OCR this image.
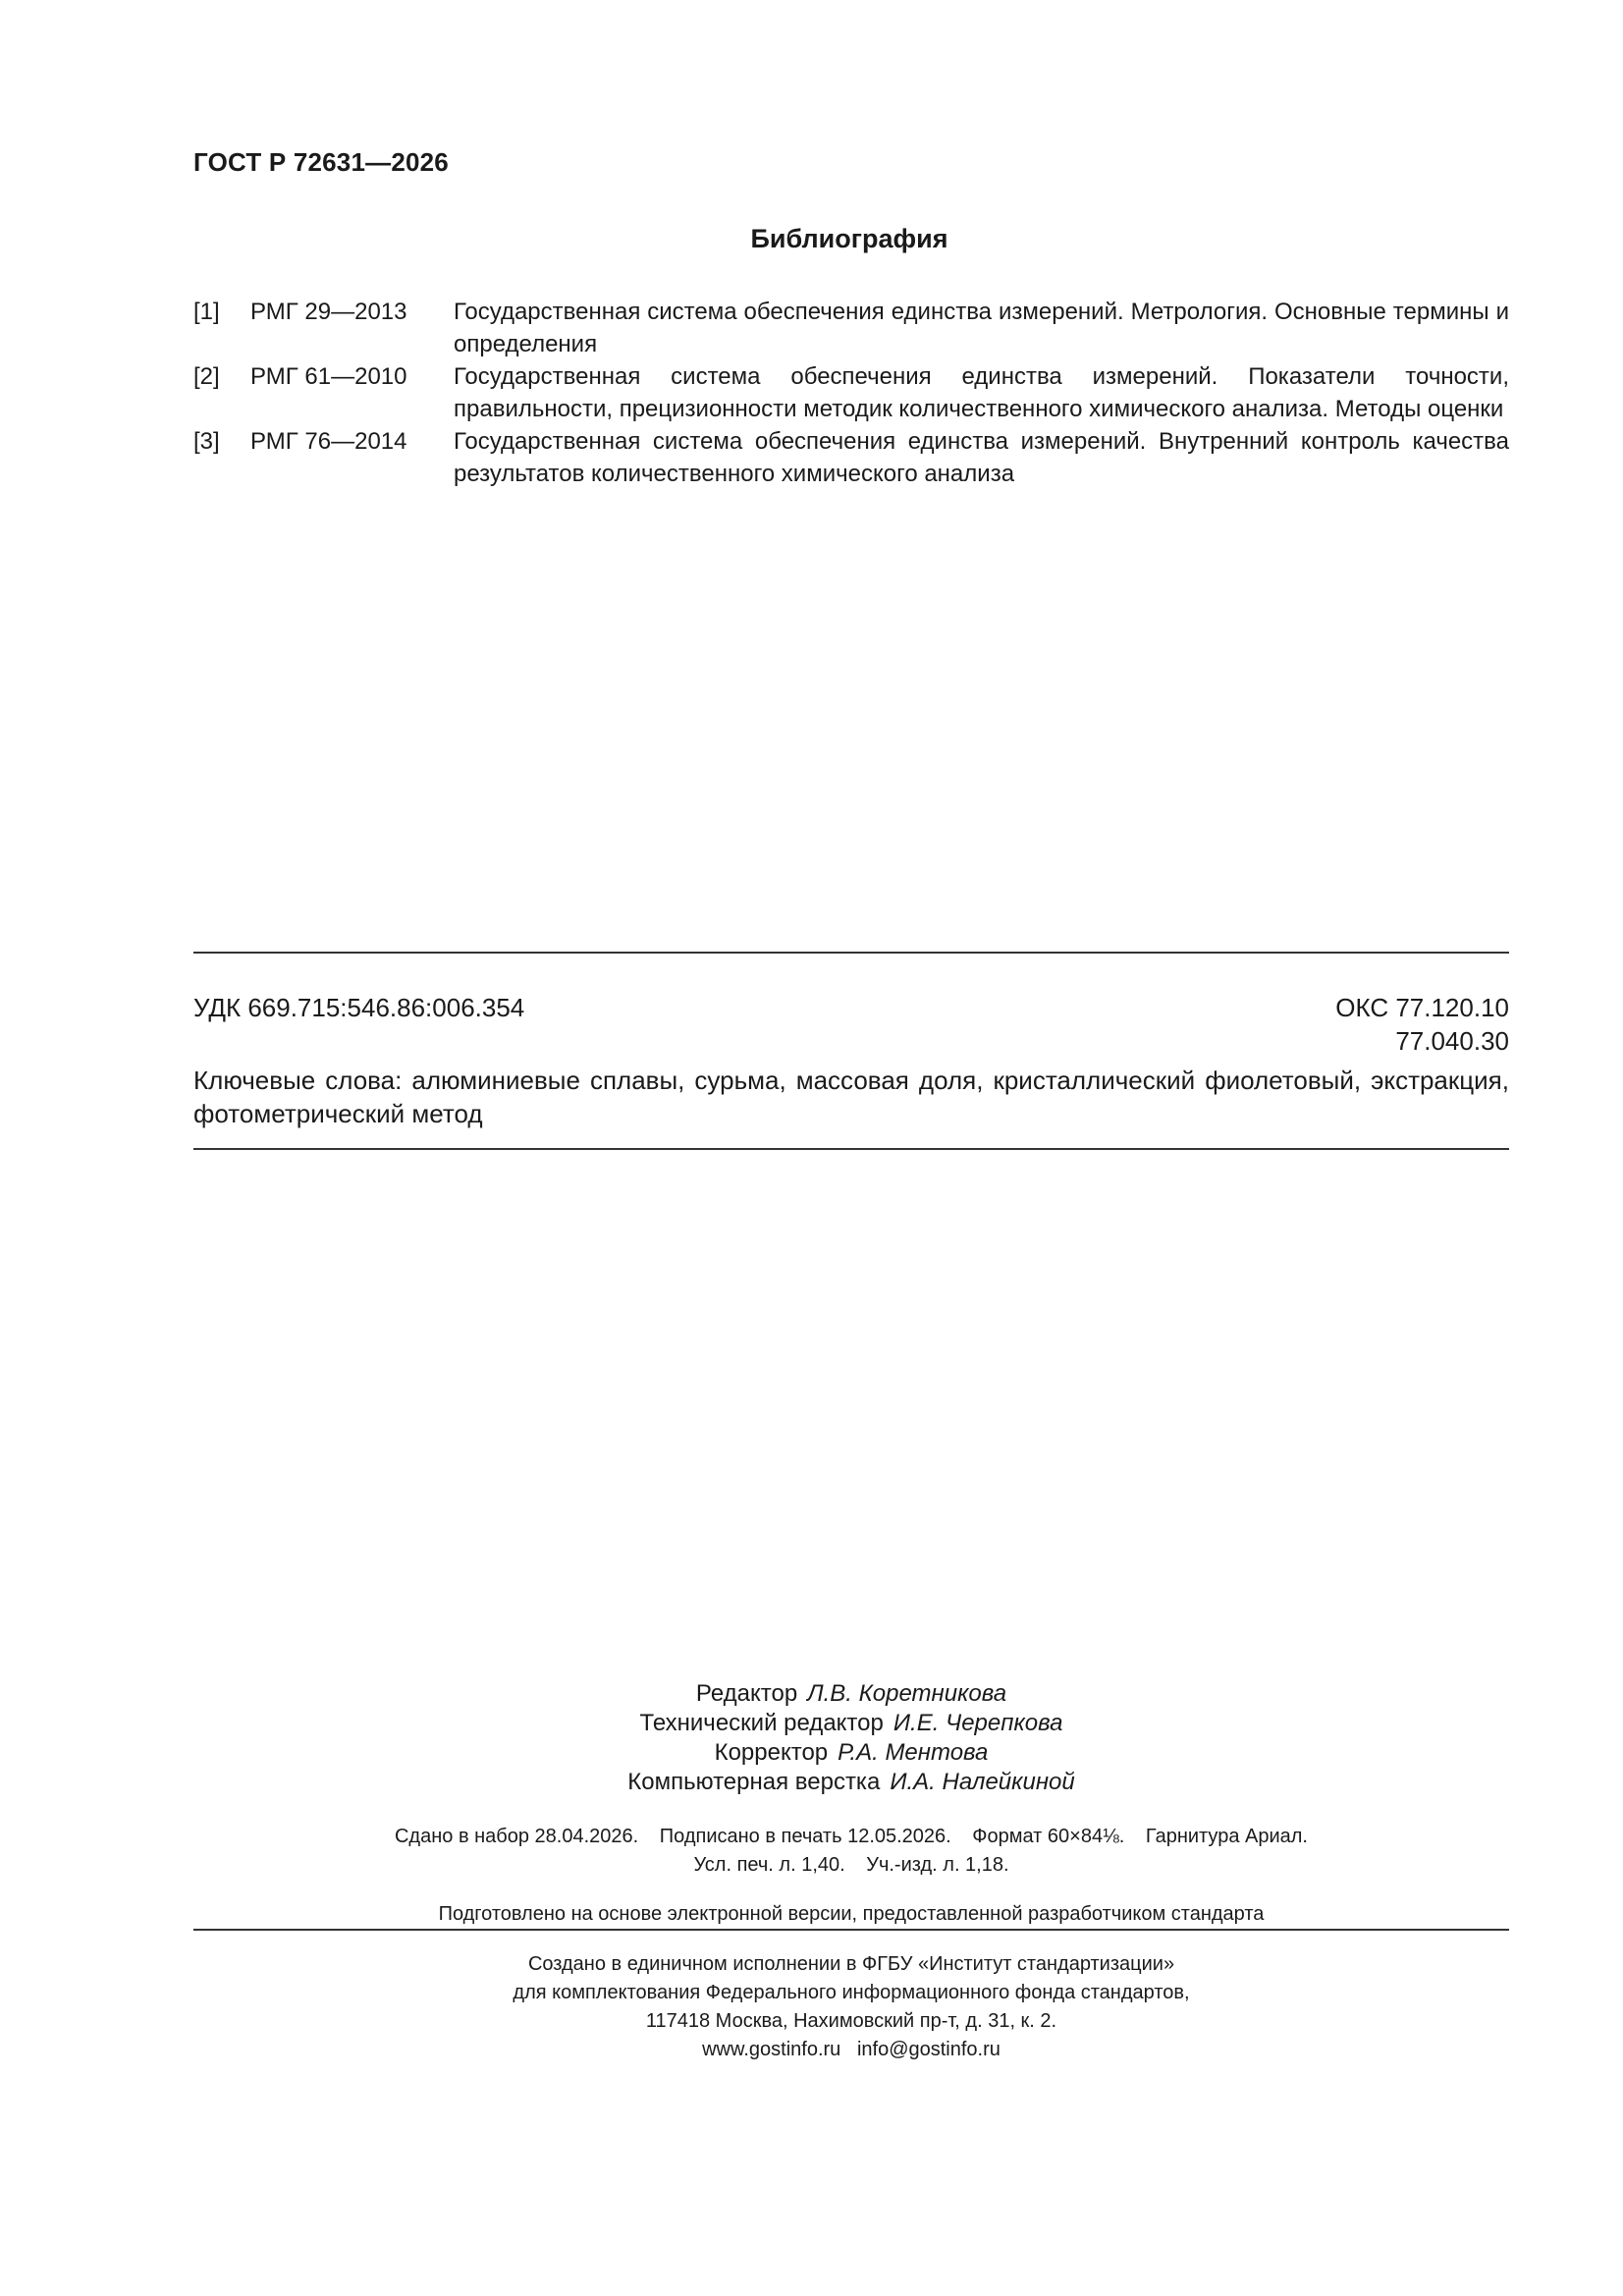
ГОСТ Р 72631—2026
Библиография
[1]	РМГ 29—2013	Государственная система обеспечения единства измерений. Метрология. Основные термины и определения
[2]	РМГ 61—2010	Государственная система обеспечения единства измерений. Показатели точности, правильности, прецизионности методик количественного химического анализа. Методы оценки
[3]	РМГ 76—2014	Государственная система обеспечения единства измерений. Внутренний контроль качества результатов количественного химического анализа
УДК 669.715:546.86:006.354	ОКС 77.120.10
77.040.30
Ключевые слова: алюминиевые сплавы, сурьма, массовая доля, кристаллический фиолетовый, экстракция, фотометрический метод
Редактор Л.В. Коретникова
Технический редактор И.Е. Черепкова
Корректор Р.А. Ментова
Компьютерная верстка И.А. Налейкиной
Сдано в набор 28.04.2026. Подписано в печать 12.05.2026. Формат 60×84⅛. Гарнитура Ариал.
Усл. печ. л. 1,40. Уч.-изд. л. 1,18.
Подготовлено на основе электронной версии, предоставленной разработчиком стандарта
Создано в единичном исполнении в ФГБУ «Институт стандартизации»
для комплектования Федерального информационного фонда стандартов,
117418 Москва, Нахимовский пр-т, д. 31, к. 2.
www.gostinfo.ru info@gostinfo.ru
